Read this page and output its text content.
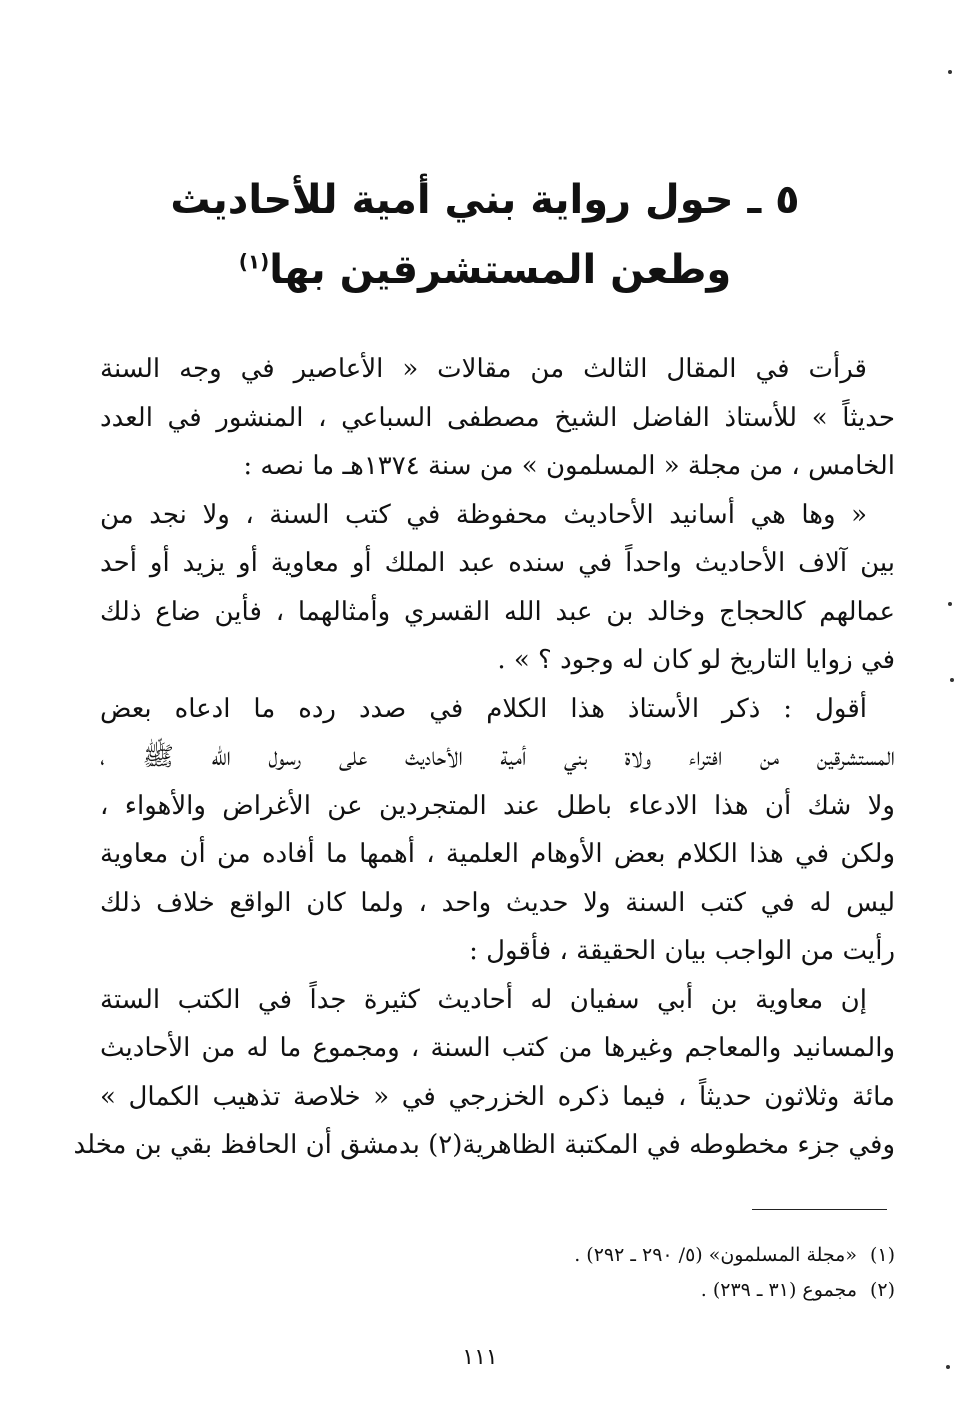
٥ ـ حول رواية بني أمية للأحاديث
وطعن المستشرقين بها$^{(١)}$

قرأت في المقال الثالث من مقالات « الأعاصير في وجه السنة
حديثاً » للأستاذ الفاضل الشيخ مصطفى السباعي ، المنشور في العدد
الخامس ، من مجلة « المسلمون » من سنة ١٣٧٤هـ ما نصه :

« وها هي أسانيد الأحاديث محفوظة في كتب السنة ، ولا نجد من
بين آلاف الأحاديث واحداً في سنده عبد الملك أو معاوية أو يزيد أو أحد
عمالهم كالحجاج وخالد بن عبد الله القسري وأمثالهما ، فأين ضاع ذلك
في زوايا التاريخ لو كان له وجود ؟ » .

أقول : ذكر الأستاذ هذا الكلام في صدد رده ما ادعاه بعض
المستشرقين من افتراء ولاة بني أمية الأحاديث على رسول الله ﷺ ،
ولا شك أن هذا الادعاء باطل عند المتجردين عن الأغراض والأهواء ،
ولكن في هذا الكلام بعض الأوهام العلمية ، أهمها ما أفاده من أن معاوية
ليس له في كتب السنة ولا حديث واحد ، ولما كان الواقع خلاف ذلك
رأيت من الواجب بيان الحقيقة ، فأقول :

إن معاوية بن أبي سفيان له أحاديث كثيرة جداً في الكتب الستة
والمسانيد والمعاجم وغيرها من كتب السنة ، ومجموع ما له من الأحاديث
مائة وثلاثون حديثاً ، فيما ذكره الخزرجي في « خلاصة تذهيب الكمال »
وفي جزء مخطوطه في المكتبة الظاهرية(٢) بدمشق أن الحافظ بقي بن مخلد

(١)«مجلة المسلمون» (٥/ ٢٩٠ ـ ٢٩٢) .
(٢)مجموع (٣١ ـ ٢٣٩) .
١١١
